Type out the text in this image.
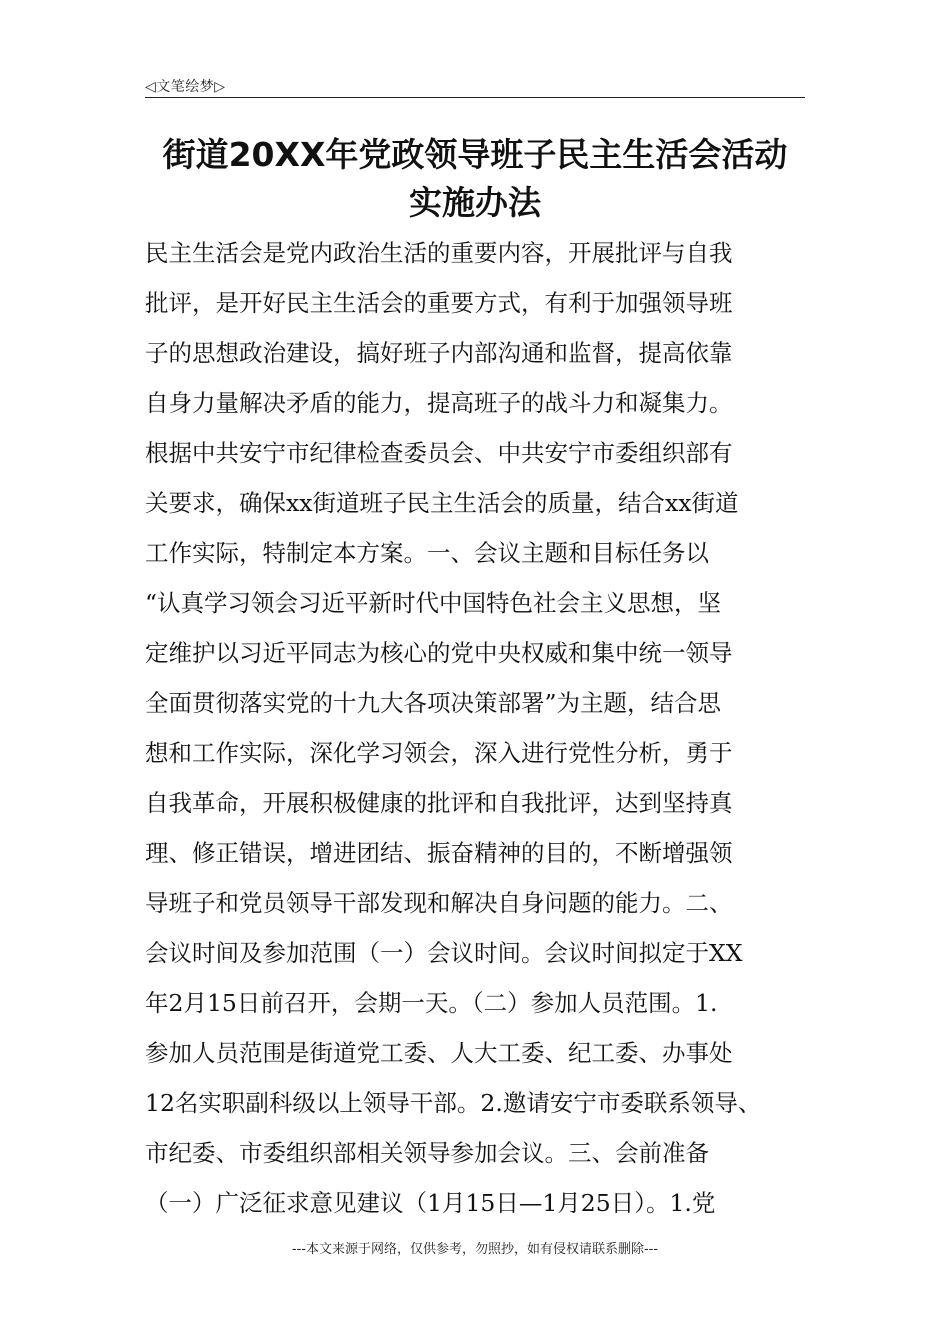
◁文笔绘梦▷
街道20XX年党政领导班子民主生活会活动
实施办法
民主生活会是党内政治生活的重要内容，开展批评与自我
批评，是开好民主生活会的重要方式，有利于加强领导班
子的思想政治建设，搞好班子内部沟通和监督，提高依靠
自身力量解决矛盾的能力，提高班子的战斗力和凝集力。
根据中共安宁市纪律检查委员会、中共安宁市委组织部有
关要求，确保xx街道班子民主生活会的质量，结合xx街道
工作实际，特制定本方案。一、会议主题和目标任务以
“认真学习领会习近平新时代中国特色社会主义思想，坚
定维护以习近平同志为核心的党中央权威和集中统一领导
全面贯彻落实党的十九大各项决策部署”为主题，结合思
想和工作实际，深化学习领会，深入进行党性分析，勇于
自我革命，开展积极健康的批评和自我批评，达到坚持真
理、修正错误，增进团结、振奋精神的目的，不断增强领
导班子和党员领导干部发现和解决自身问题的能力。二、
会议时间及参加范围（一）会议时间。会议时间拟定于XX
年2月15日前召开，会期一天。（二）参加人员范围。1.
参加人员范围是街道党工委、人大工委、纪工委、办事处
12名实职副科级以上领导干部。2.邀请安宁市委联系领导、
市纪委、市委组织部相关领导参加会议。三、会前准备
（一）广泛征求意见建议（1月15日—1月25日）。1.党
---本文来源于网络，仅供参考，勿照抄，如有侵权请联系删除---
